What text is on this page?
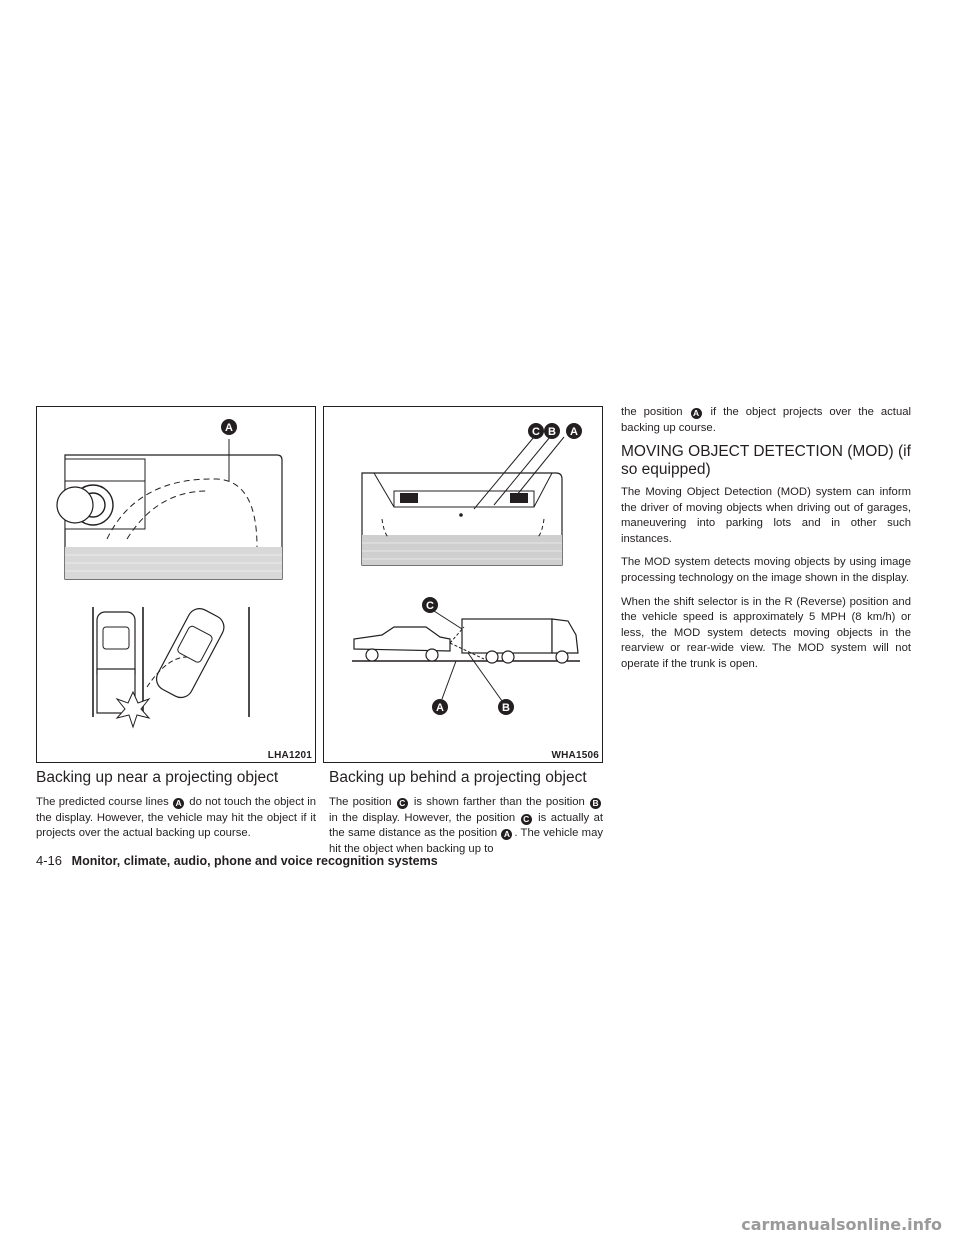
A
LHA1201
C B A
C
A	B
WHA1506
Backing up near a projecting object

The predicted course lines A do not touch the object in the display. However, the vehicle may hit the object if it projects over the actual backing up course.

Backing up behind a projecting object

The position C is shown farther than the position B in the display. However, the position C is actually at the same distance as the position A . The vehicle may hit the object when backing up to

the position A if the object projects over the actual backing up course.

MOVING OBJECT DETECTION (MOD) (if so equipped)

The Moving Object Detection (MOD) system can inform the driver of moving objects when driving out of garages, maneuvering into parking lots and in other such instances.

The MOD system detects moving objects by using image processing technology on the image shown in the display.

When the shift selector is in the R (Reverse) position and the vehicle speed is approximately 5 MPH (8 km/h) or less, the MOD system detects moving objects in the rearview or rear-wide view. The MOD system will not operate if the trunk is open.

4-16 Monitor, climate, audio, phone and voice recognition systems
carmanualsonline.info
